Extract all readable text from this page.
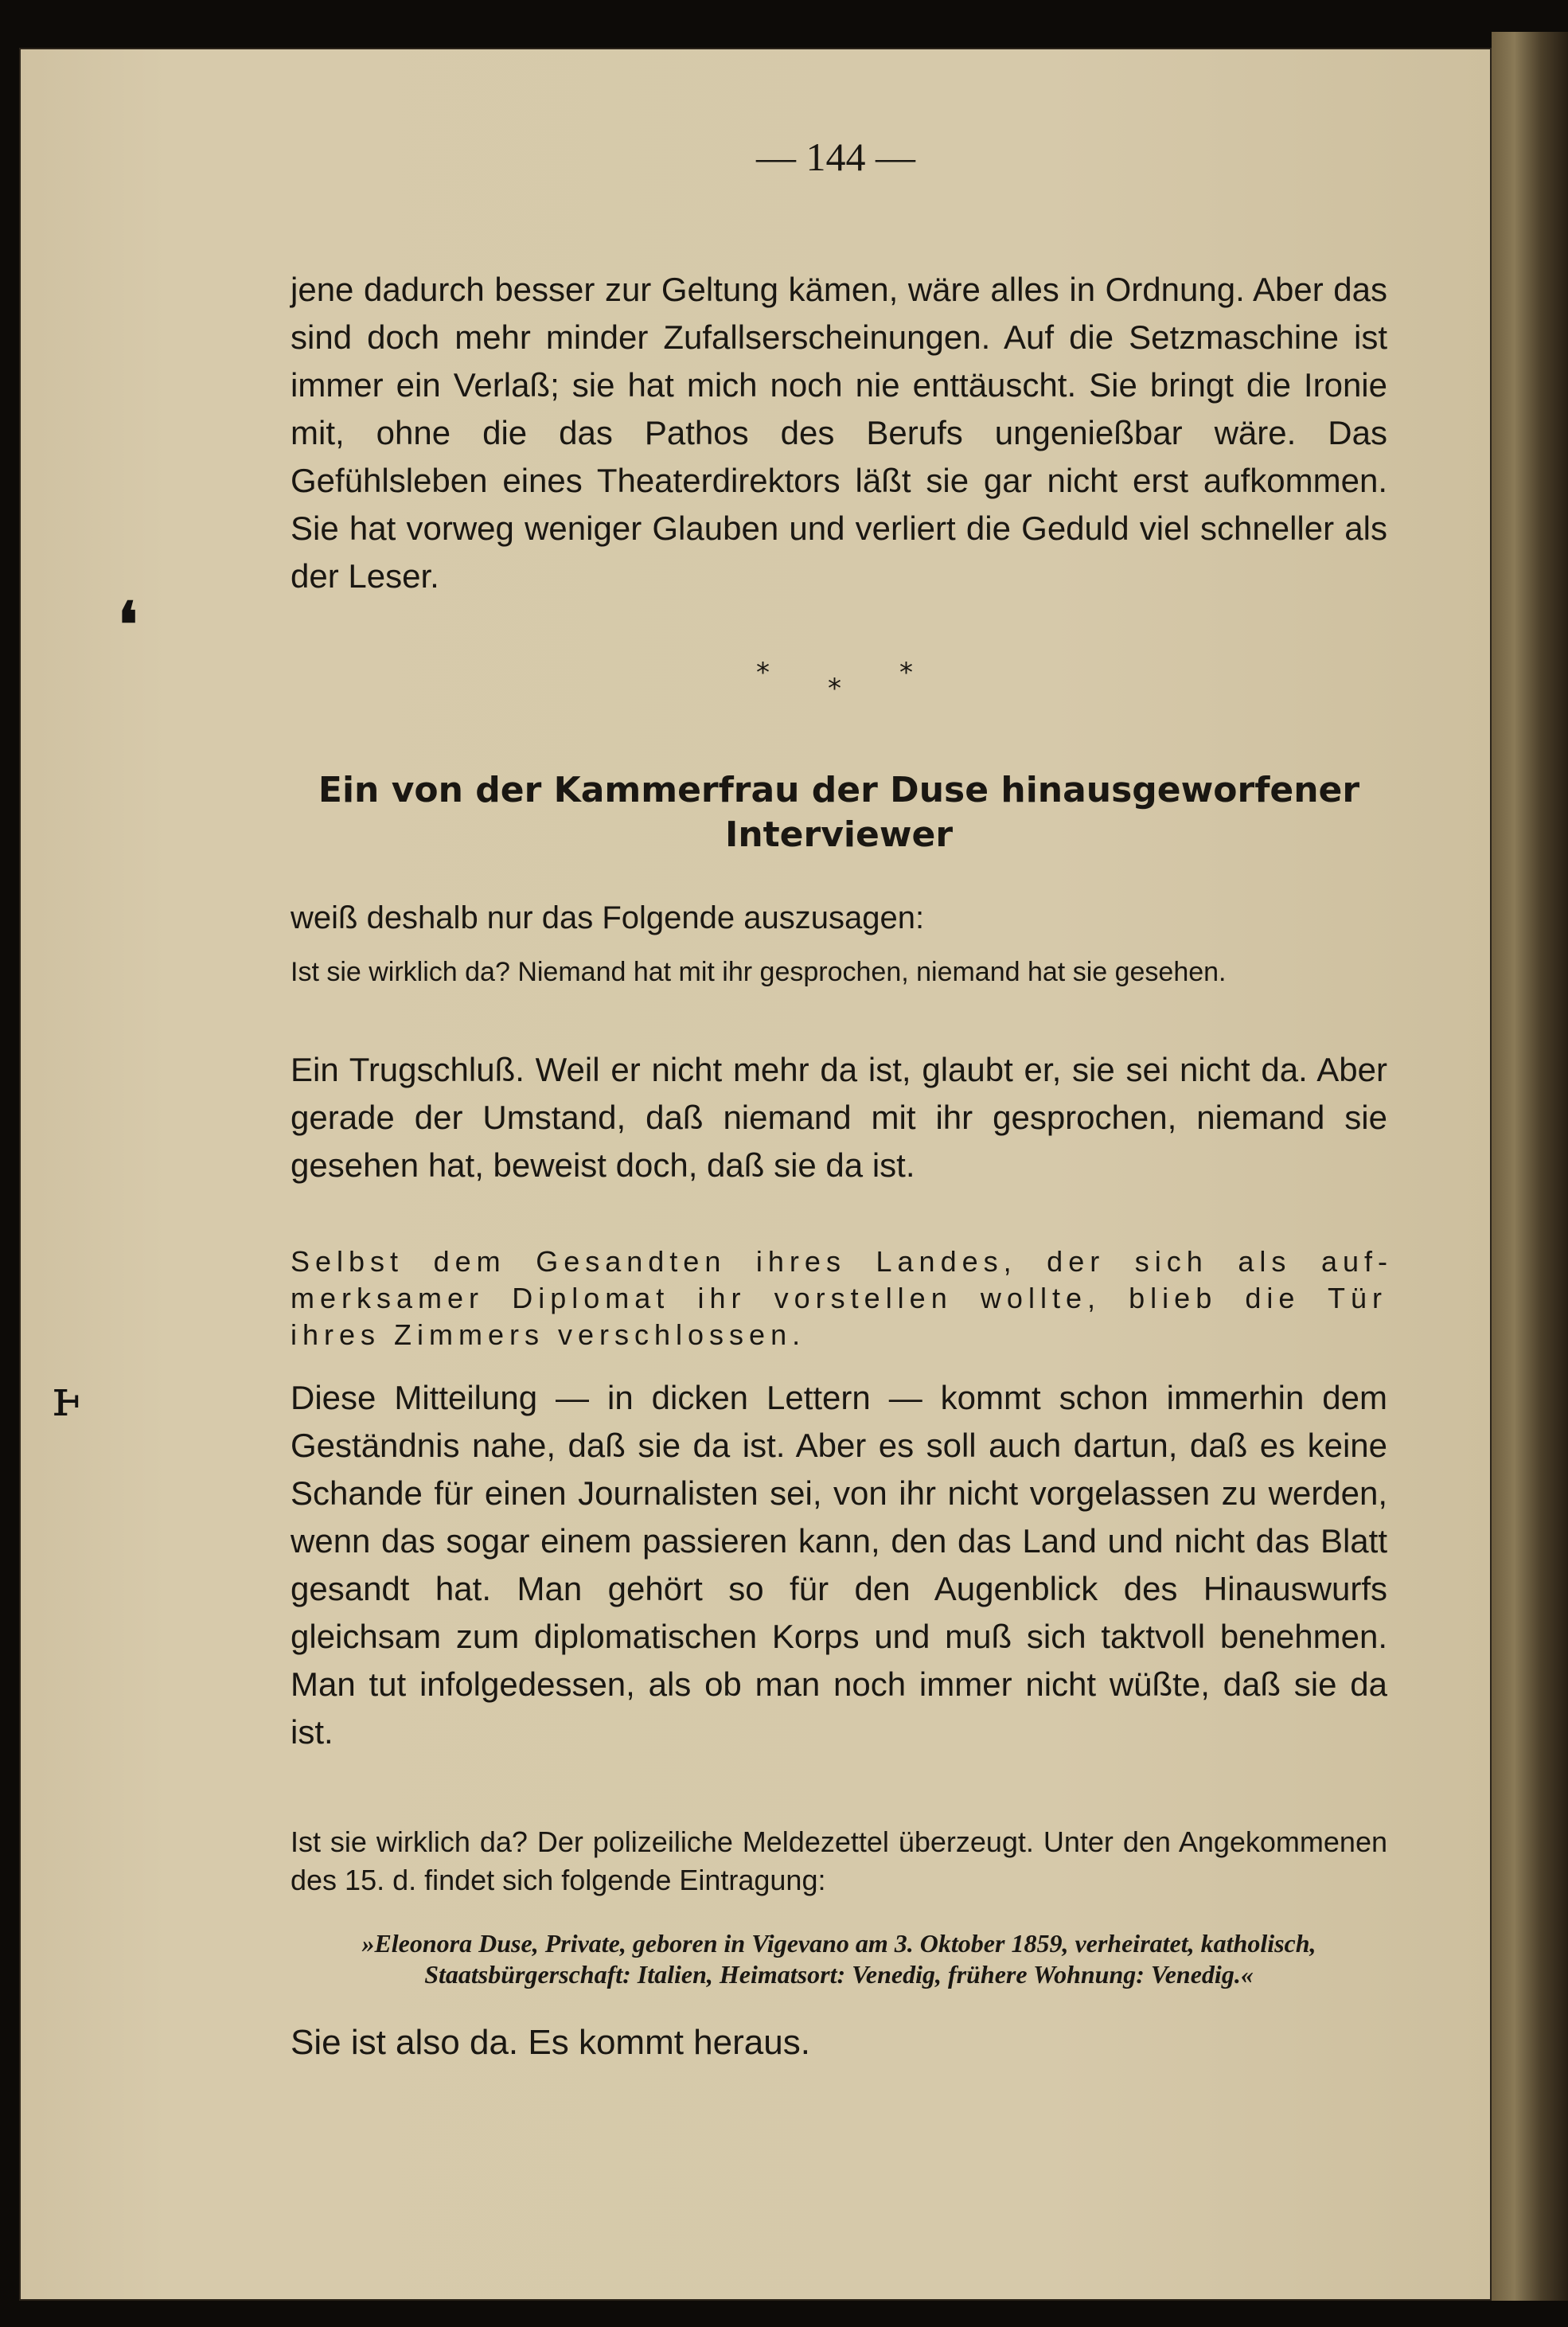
❛
ⱶ
— 144 —
jene dadurch besser zur Geltung kämen, wäre alles in Ordnung. Aber das sind doch mehr minder Zufallserscheinungen. Auf die Setzmaschine ist immer ein Verlaß; sie hat mich noch nie enttäuscht. Sie bringt die Ironie mit, ohne die das Pathos des Berufs ungenießbar wäre. Das Gefühlsleben eines Theaterdirektors läßt sie gar nicht erst aufkommen. Sie hat vorweg weniger Glauben und verliert die Geduld viel schneller als der Leser.
* * *
Ein von der Kammerfrau der Duse hinausgeworfener Interviewer
weiß deshalb nur das Folgende auszusagen:
Ist sie wirklich da? Niemand hat mit ihr gesprochen, niemand hat sie gesehen.
Ein Trugschluß. Weil er nicht mehr da ist, glaubt er, sie sei nicht da. Aber gerade der Umstand, daß niemand mit ihr gesprochen, niemand sie gesehen hat, beweist doch, daß sie da ist.
Selbst dem Gesandten ihres Landes, der sich als aufmerksamer Diplomat ihr vorstellen wollte, blieb die Tür ihres Zimmers verschlossen.
Diese Mitteilung — in dicken Lettern — kommt schon immerhin dem Geständnis nahe, daß sie da ist. Aber es soll auch dartun, daß es keine Schande für einen Journalisten sei, von ihr nicht vorgelassen zu werden, wenn das sogar einem passieren kann, den das Land und nicht das Blatt gesandt hat. Man gehört so für den Augenblick des Hinauswurfs gleichsam zum diplomatischen Korps und muß sich taktvoll benehmen. Man tut infolgedessen, als ob man noch immer nicht wüßte, daß sie da ist.
Ist sie wirklich da? Der polizeiliche Meldezettel überzeugt. Unter den Angekommenen des 15. d. findet sich folgende Eintragung:
»Eleonora Duse, Private, geboren in Vigevano am 3. Oktober 1859, verheiratet, katholisch, Staatsbürgerschaft: Italien, Heimatsort: Venedig, frühere Wohnung: Venedig.«
Sie ist also da. Es kommt heraus.
